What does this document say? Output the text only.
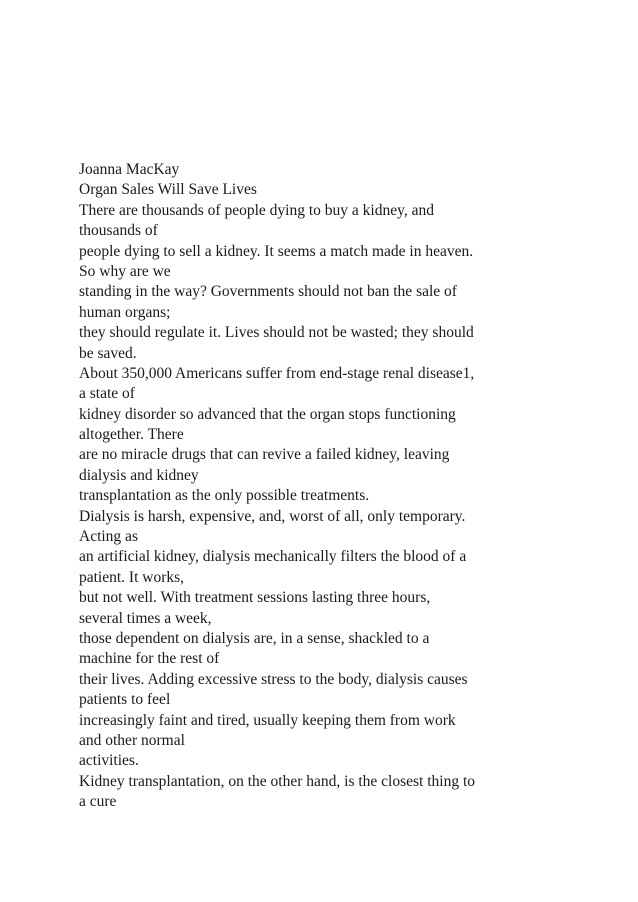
Joanna MacKay
Organ Sales Will Save Lives
There are thousands of people dying to buy a kidney, and
thousands of
people dying to sell a kidney. It seems a match made in heaven.
So why are we
standing in the way? Governments should not ban the sale of
human organs;
they should regulate it. Lives should not be wasted; they should
be saved.
About 350,000 Americans suffer from end-stage renal disease1,
a state of
kidney disorder so advanced that the organ stops functioning
altogether. There
are no miracle drugs that can revive a failed kidney, leaving
dialysis and kidney
transplantation as the only possible treatments.
Dialysis is harsh, expensive, and, worst of all, only temporary.
Acting as
an artificial kidney, dialysis mechanically filters the blood of a
patient. It works,
but not well. With treatment sessions lasting three hours,
several times a week,
those dependent on dialysis are, in a sense, shackled to a
machine for the rest of
their lives. Adding excessive stress to the body, dialysis causes
patients to feel
increasingly faint and tired, usually keeping them from work
and other normal
activities.
Kidney transplantation, on the other hand, is the closest thing to
a cure
